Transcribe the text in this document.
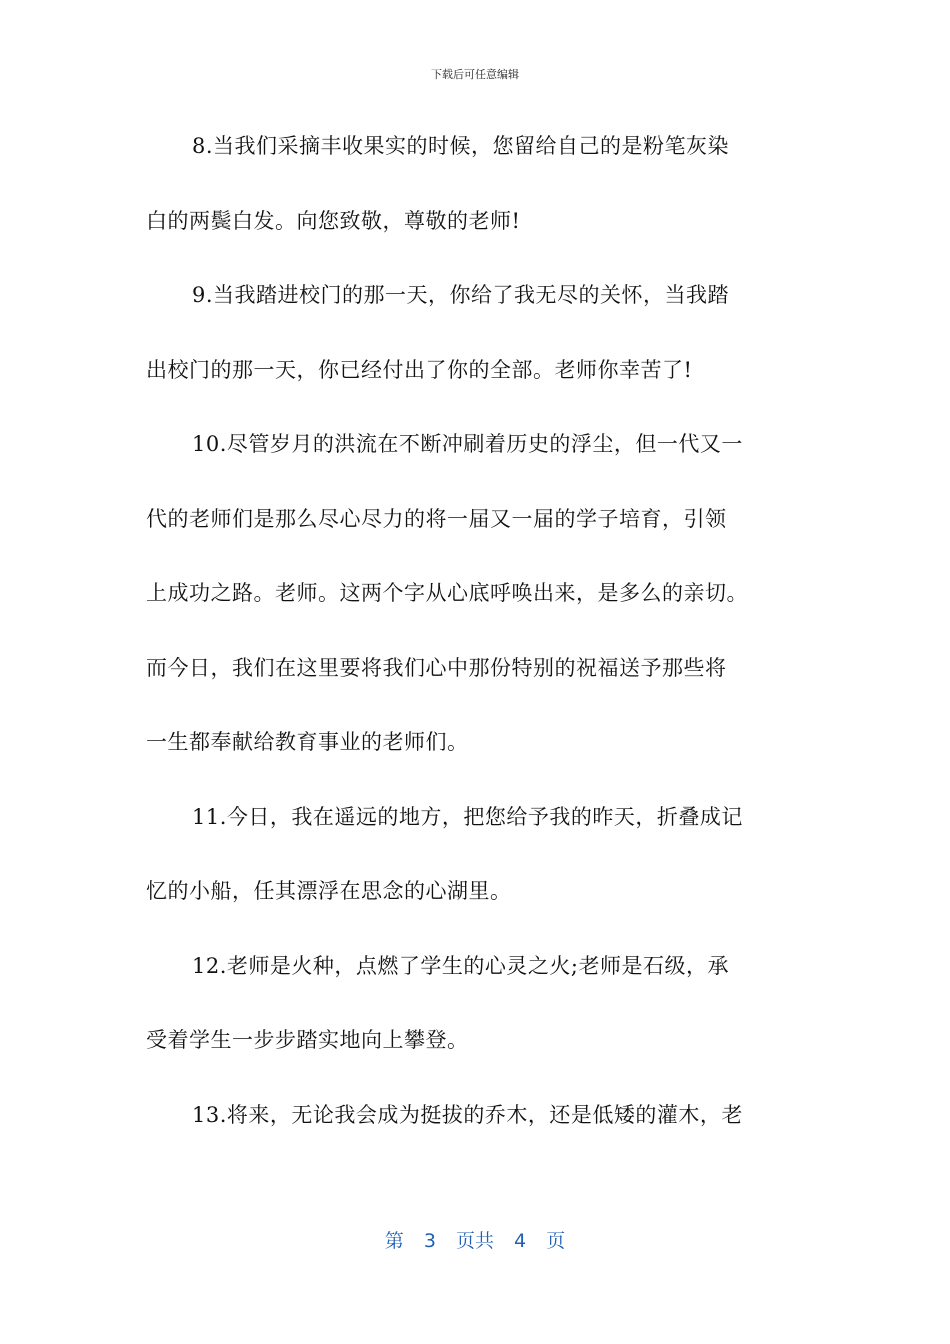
下载后可任意编辑
8.当我们采摘丰收果实的时候，您留给自己的是粉笔灰染
白的两鬓白发。向您致敬，尊敬的老师!
9.当我踏进校门的那一天，你给了我无尽的关怀，当我踏
出校门的那一天，你已经付出了你的全部。老师你幸苦了!
10.尽管岁月的洪流在不断冲刷着历史的浮尘，但一代又一
代的老师们是那么尽心尽力的将一届又一届的学子培育，引领
上成功之路。老师。这两个字从心底呼唤出来，是多么的亲切。
而今日，我们在这里要将我们心中那份特别的祝福送予那些将
一生都奉献给教育事业的老师们。
11.今日，我在遥远的地方，把您给予我的昨天，折叠成记
忆的小船，任其漂浮在思念的心湖里。
12.老师是火种，点燃了学生的心灵之火;老师是石级，承
受着学生一步步踏实地向上攀登。
13.将来，无论我会成为挺拔的乔木，还是低矮的灌木，老
第 3 页共 4 页
